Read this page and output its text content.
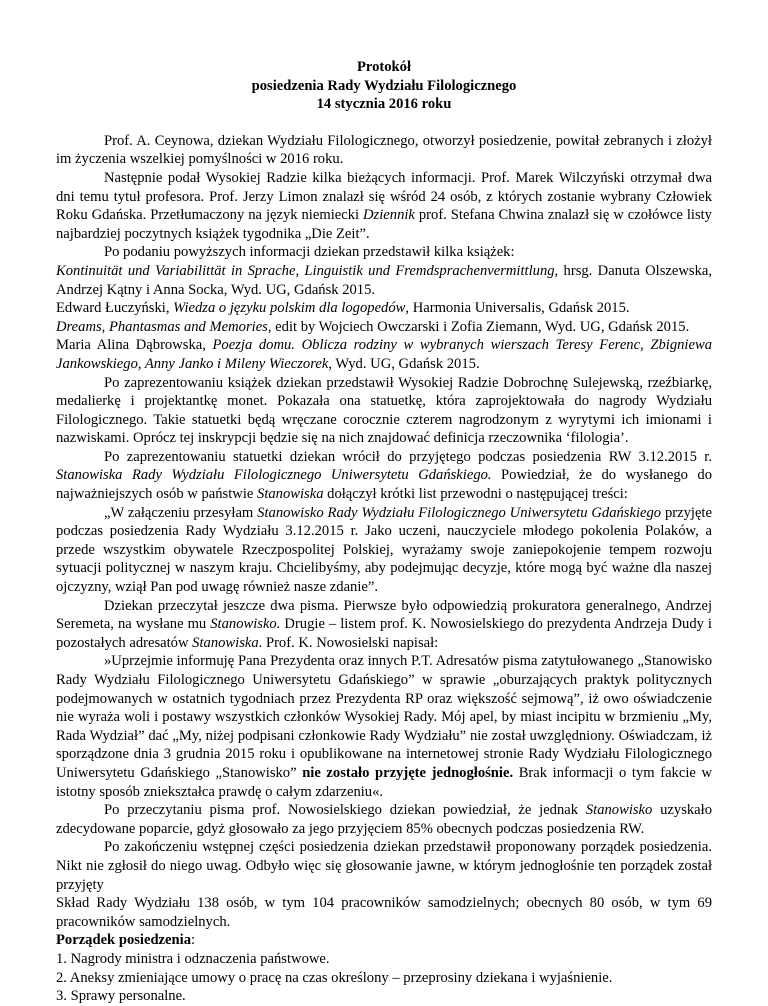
Protokół
posiedzenia Rady Wydziału Filologicznego
14 stycznia 2016 roku

Prof. A. Ceynowa, dziekan Wydziału Filologicznego, otworzył posiedzenie, powitał zebranych i złożył im życzenia wszelkiej pomyślności w 2016 roku.

Następnie podał Wysokiej Radzie kilka bieżących informacji. Prof. Marek Wilczyński otrzymał dwa dni temu tytuł profesora. Prof. Jerzy Limon znalazł się wśród 24 osób, z których zostanie wybrany Człowiek Roku Gdańska. Przetłumaczony na język niemiecki Dziennik prof. Stefana Chwina znalazł się w czołówce listy najbardziej poczytnych książek tygodnika „Die Zeit”.

Po podaniu powyższych informacji dziekan przedstawił kilka książek:

Kontinuität und Variabilittät in Sprache, Linguistik und Fremdsprachenvermittlung, hrsg. Danuta Olszewska, Andrzej Kątny i Anna Socka, Wyd. UG, Gdańsk 2015.

Edward Łuczyński, Wiedza o języku polskim dla logopedów, Harmonia Universalis, Gdańsk 2015.

Dreams, Phantasmas and Memories, edit by Wojciech Owczarski i Zofia Ziemann, Wyd. UG, Gdańsk 2015.

Maria Alina Dąbrowska, Poezja domu. Oblicza rodziny w wybranych wierszach Teresy Ferenc, Zbigniewa Jankowskiego, Anny Janko i Mileny Wieczorek, Wyd. UG, Gdańsk 2015.

Po zaprezentowaniu książek dziekan przedstawił Wysokiej Radzie Dobrochnę Sulejewską, rzeźbiarkę, medalierkę i projektantkę monet. Pokazała ona statuetkę, która zaprojektowała do nagrody Wydziału Filologicznego. Takie statuetki będą wręczane corocznie czterem nagrodzonym z wyrytymi ich imionami i nazwiskami. Oprócz tej inskrypcji będzie się na nich znajdować definicja rzeczownika ‘filologia’.

Po zaprezentowaniu statuetki dziekan wrócił do przyjętego podczas posiedzenia RW 3.12.2015 r. Stanowiska Rady Wydziału Filologicznego Uniwersytetu Gdańskiego. Powiedział, że do wysłanego do najważniejszych osób w państwie Stanowiska dołączył krótki list przewodni o następującej treści:

„W załączeniu przesyłam Stanowisko Rady Wydziału Filologicznego Uniwersytetu Gdańskiego przyjęte podczas posiedzenia Rady Wydziału 3.12.2015 r. Jako uczeni, nauczyciele młodego pokolenia Polaków, a przede wszystkim obywatele Rzeczpospolitej Polskiej, wyrażamy swoje zaniepokojenie tempem rozwoju sytuacji politycznej w naszym kraju. Chcielibyśmy, aby podejmując decyzje, które mogą być ważne dla naszej ojczyzny, wziął Pan pod uwagę również nasze zdanie”.

Dziekan przeczytał jeszcze dwa pisma. Pierwsze było odpowiedzią prokuratora generalnego, Andrzej Seremeta, na wysłane mu Stanowisko. Drugie – listem prof. K. Nowosielskiego do prezydenta Andrzeja Dudy i pozostałych adresatów Stanowiska. Prof. K. Nowosielski napisał:

»Uprzejmie informuję Pana Prezydenta oraz innych P.T. Adresatów pisma zatytułowanego „Stanowisko Rady Wydziału Filologicznego Uniwersytetu Gdańskiego” w sprawie „oburzających praktyk politycznych podejmowanych w ostatnich tygodniach przez Prezydenta RP oraz większość sejmową”, iż owo oświadczenie nie wyraża woli i postawy wszystkich członków Wysokiej Rady. Mój apel, by miast incipitu w brzmieniu „My, Rada Wydział” dać „My, niżej podpisani członkowie Rady Wydziału” nie został uwzględniony. Oświadczam, iż sporządzone dnia 3 grudnia 2015 roku i opublikowane na internetowej stronie Rady Wydziału Filologicznego Uniwersytetu Gdańskiego „Stanowisko” nie zostało przyjęte jednogłośnie. Brak informacji o tym fakcie w istotny sposób zniekształca prawdę o całym zdarzeniu«.

Po przeczytaniu pisma prof. Nowosielskiego dziekan powiedział, że jednak Stanowisko uzyskało zdecydowane poparcie, gdyż głosowało za jego przyjęciem 85% obecnych podczas posiedzenia RW.

Po zakończeniu wstępnej części posiedzenia dziekan przedstawił proponowany porządek posiedzenia. Nikt nie zgłosił do niego uwag. Odbyło więc się głosowanie jawne, w którym jednogłośnie ten porządek został przyjęty

Skład Rady Wydziału 138 osób, w tym 104 pracowników samodzielnych; obecnych 80 osób, w tym 69 pracowników samodzielnych.

Porządek posiedzenia:

1. Nagrody ministra i odznaczenia państwowe.
2. Aneksy zmieniające umowy o pracę na czas określony – przeprosiny dziekana i wyjaśnienie.
3. Sprawy personalne.
